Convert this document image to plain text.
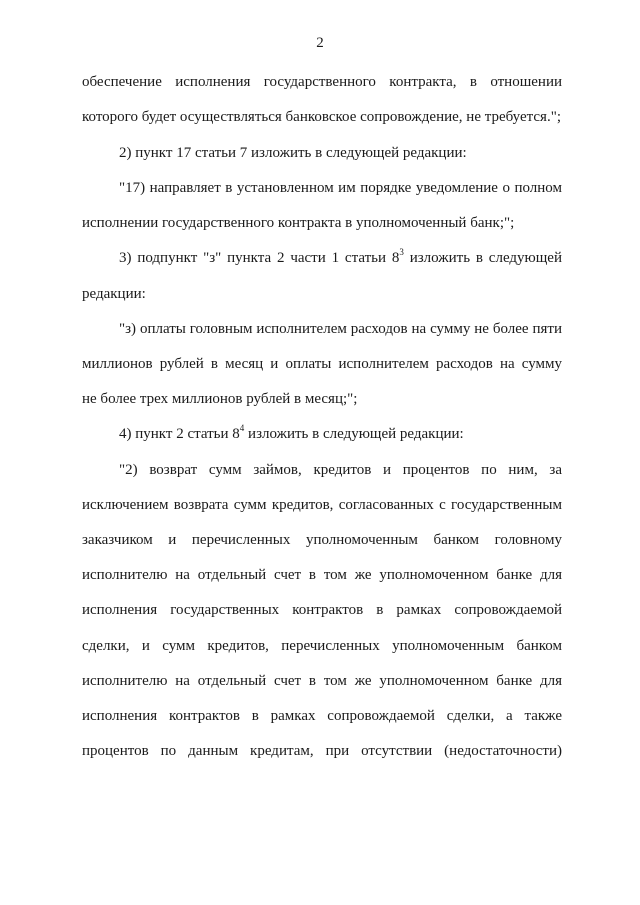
2
обеспечение исполнения государственного контракта, в отношении
которого будет осуществляться банковское сопровождение, не требуется.";
2) пункт 17 статьи 7 изложить в следующей редакции:
"17) направляет в установленном им порядке уведомление о полном
исполнении государственного контракта в уполномоченный банк;";
3) подпункт "з" пункта 2 части 1 статьи $8^3$ изложить в следующей
редакции:
"з) оплаты головным исполнителем расходов на сумму не более пяти
миллионов рублей в месяц и оплаты исполнителем расходов на сумму
не более трех миллионов рублей в месяц;";
4) пункт 2 статьи $8^4$ изложить в следующей редакции:
"2) возврат сумм займов, кредитов и процентов по ним, за
исключением возврата сумм кредитов, согласованных с государственным
заказчиком и перечисленных уполномоченным банком головному
исполнителю на отдельный счет в том же уполномоченном банке для
исполнения государственных контрактов в рамках сопровождаемой
сделки, и сумм кредитов, перечисленных уполномоченным банком
исполнителю на отдельный счет в том же уполномоченном банке для
исполнения контрактов в рамках сопровождаемой сделки, а также
процентов по данным кредитам, при отсутствии (недостаточности)
